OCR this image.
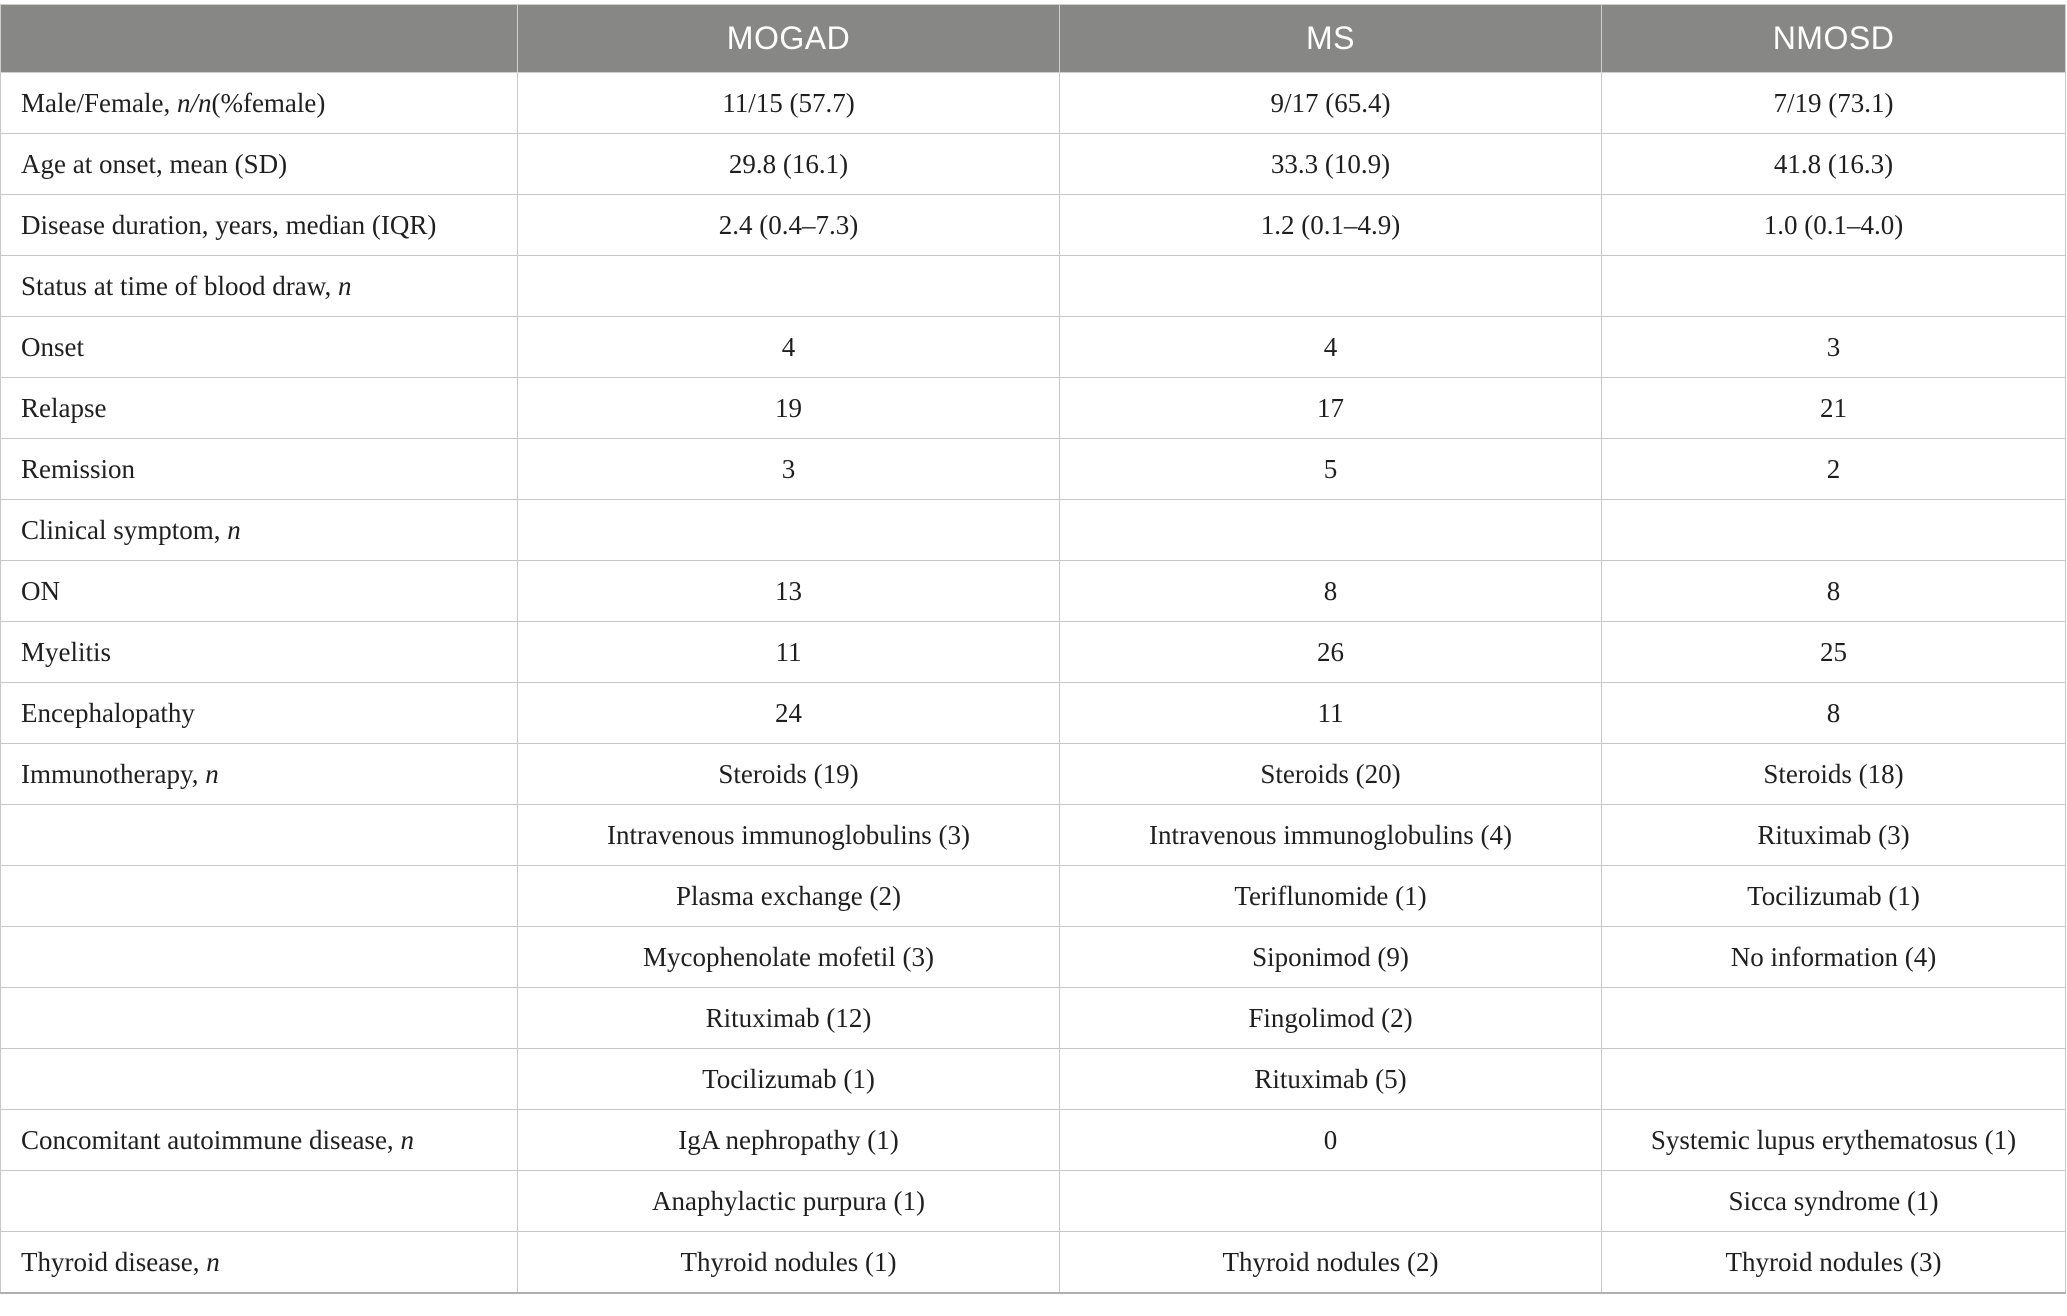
	MOGAD	MS	NMOSD
Male/Female, n/n(%female)	11/15 (57.7)	9/17 (65.4)	7/19 (73.1)
Age at onset, mean (SD)	29.8 (16.1)	33.3 (10.9)	41.8 (16.3)
Disease duration, years, median (IQR)	2.4 (0.4–7.3)	1.2 (0.1–4.9)	1.0 (0.1–4.0)
Status at time of blood draw, n			
Onset	4	4	3
Relapse	19	17	21
Remission	3	5	2
Clinical symptom, n			
ON	13	8	8
Myelitis	11	26	25
Encephalopathy	24	11	8
Immunotherapy, n	Steroids (19)	Steroids (20)	Steroids (18)
	Intravenous immunoglobulins (3)	Intravenous immunoglobulins (4)	Rituximab (3)
	Plasma exchange (2)	Teriflunomide (1)	Tocilizumab (1)
	Mycophenolate mofetil (3)	Siponimod (9)	No information (4)
	Rituximab (12)	Fingolimod (2)	
	Tocilizumab (1)	Rituximab (5)	
Concomitant autoimmune disease, n	IgA nephropathy (1)	0	Systemic lupus erythematosus (1)
	Anaphylactic purpura (1)		Sicca syndrome (1)
Thyroid disease, n	Thyroid nodules (1)	Thyroid nodules (2)	Thyroid nodules (3)
